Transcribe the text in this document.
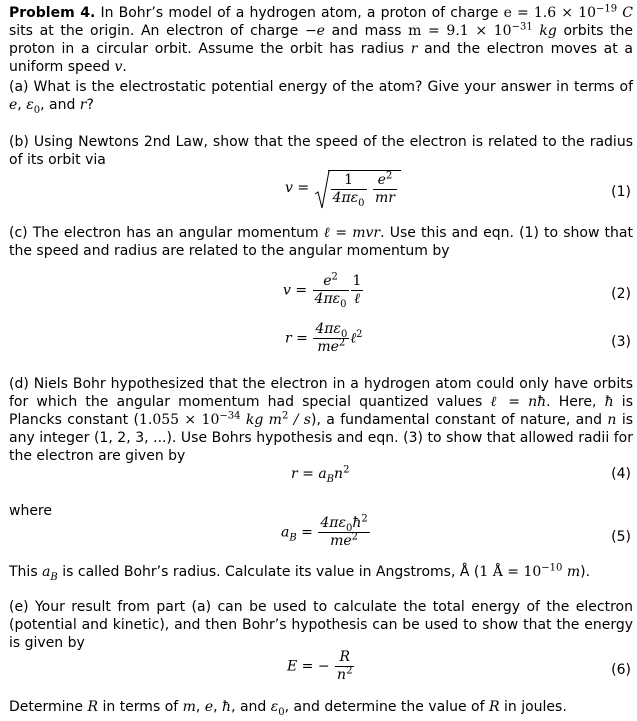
Problem 4. In Bohr’s model of a hydrogen atom, a proton of charge $e = 1.6 \times 10^{-19}$ C sits at the origin. An electron of charge −e and mass $m = 9.1 \times 10^{-31}$ kg orbits the proton in a circular orbit. Assume the orbit has radius r and the electron moves at a uniform speed v.
(a) What is the electrostatic potential energy of the atom? Give your answer in terms of e, $\varepsilon_0$, and r?
(b) Using Newtons 2nd Law, show that the speed of the electron is related to the radius of its orbit via
$v = \frac{1}{4\pi\varepsilon_0}$
$\frac{e^2}{mr}$	(1)
(c) The electron has an angular momentum ℓ = mvr. Use this and eqn. (1) to show that the speed and radius are related to the angular momentum by
$v = \frac{e^2}{4\pi\varepsilon_0} \frac{1}{\text{ℓ}}$	(2)
$r = \frac{4\pi\varepsilon_0}{me^2}$ ℓ$^2$	(3)
(d) Niels Bohr hypothesized that the electron in a hydrogen atom could only have orbits for which the angular momentum had special quantized values ℓ = nħ. Here, ħ is Plancks constant ($1.055 \times 10^{-34}$ kg $m^2 / s$), a fundamental constant of nature, and n is any integer (1, 2, 3, ...). Use Bohrs hypothesis and eqn. (3) to show that allowed radii for the electron are given by
$r = a_Bn^2$	(4)
where
$a_B = \frac{4\pi\varepsilon_0ħ^2}{me^2}$	(5)
This $a_B$ is called Bohr’s radius. Calculate its value in Angstroms, Å (1 Å = $10^{-10}$ m).
(e) Your result from part (a) can be used to calculate the total energy of the electron (potential and kinetic), and then Bohr’s hypothesis can be used to show that the energy is given by
E = − $\frac{R}{n^2}$	(6)
Determine R in terms of m, e, ħ, and $\varepsilon_0$, and determine the value of R in joules.
